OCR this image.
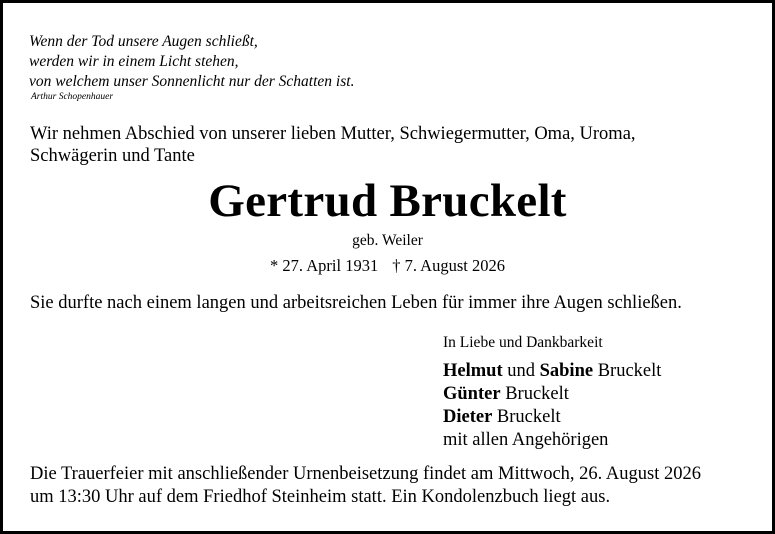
Wenn der Tod unsere Augen schließt,
werden wir in einem Licht stehen,
von welchem unser Sonnenlicht nur der Schatten ist.
Arthur Schopenhauer
Wir nehmen Abschied von unserer lieben Mutter, Schwiegermutter, Oma, Uroma,
Schwägerin und Tante
Gertrud Bruckelt
geb. Weiler
* 27. April 1931 † 7. August 2026
Sie durfte nach einem langen und arbeitsreichen Leben für immer ihre Augen schließen.
In Liebe und Dankbarkeit
Helmut und Sabine Bruckelt
Günter Bruckelt
Dieter Bruckelt
mit allen Angehörigen
Die Trauerfeier mit anschließender Urnenbeisetzung findet am Mittwoch, 26. August 2026
um 13:30 Uhr auf dem Friedhof Steinheim statt. Ein Kondolenzbuch liegt aus.
